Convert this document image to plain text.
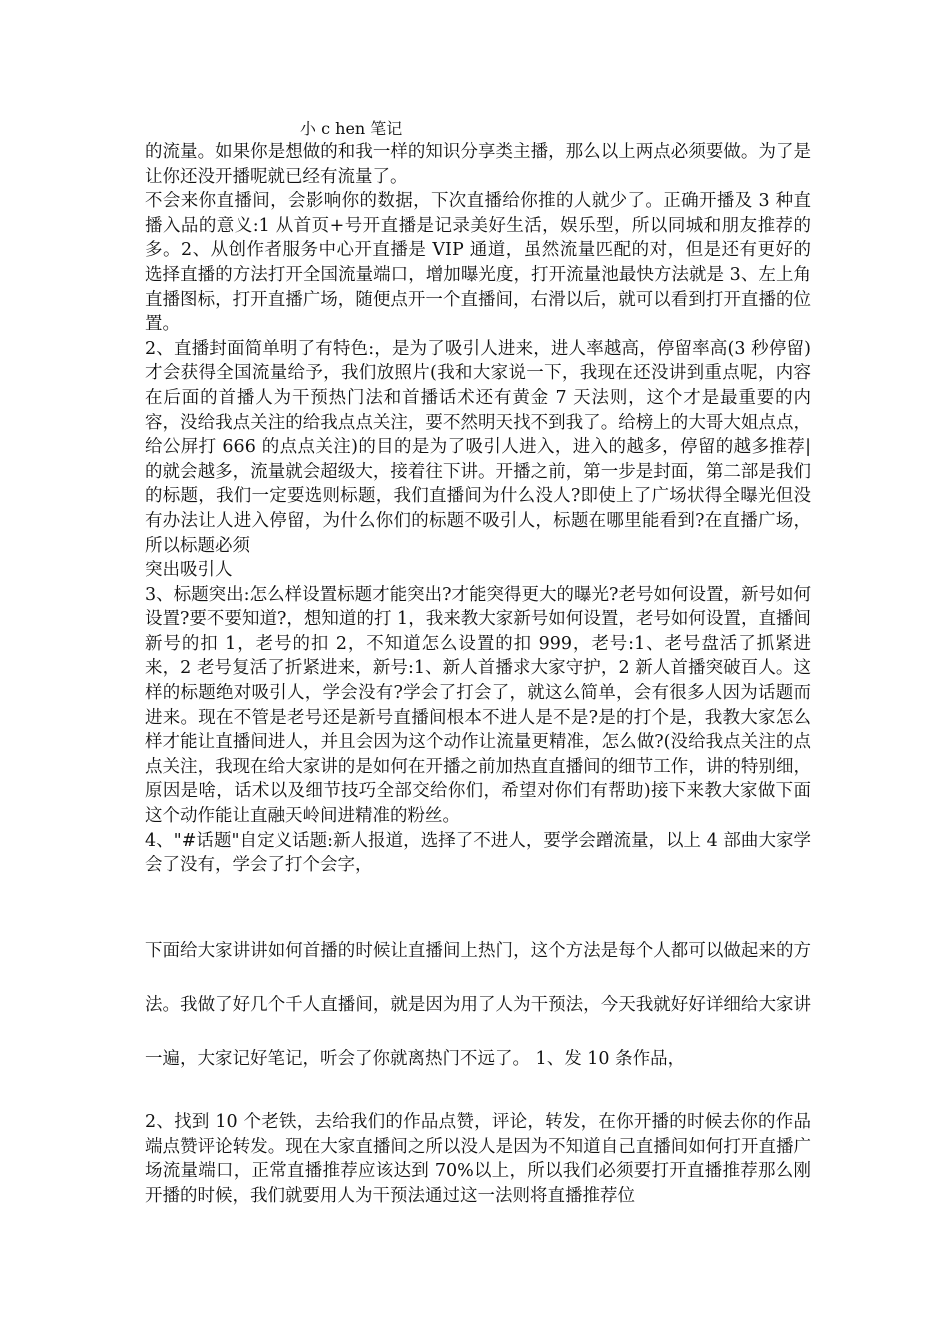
小 c hen 笔记
的流量。如果你是想做的和我一样的知识分享类主播，那么以上两点必须要做。为了是让你还没开播呢就已经有流量了。
不会来你直播间，会影响你的数据，下次直播给你推的人就少了。正确开播及 3 种直播入品的意义:1 从首页+号开直播是记录美好生活，娱乐型，所以同城和朋友推荐的多。2、从创作者服务中心开直播是 VIP 通道，虽然流量匹配的对，但是还有更好的选择直播的方法打开全国流量端口，增加曝光度，打开流量池最快方法就是 3、左上角直播图标，打开直播广场，随便点开一个直播间，右滑以后，就可以看到打开直播的位置。
2、直播封面简单明了有特色:，是为了吸引人进来，进人率越高，停留率高(3 秒停留)才会获得全国流量给予，我们放照片(我和大家说一下，我现在还没讲到重点呢，内容在后面的首播人为干预热门法和首播话术还有黄金 7 天法则，这个才是最重要的内容，没给我点关注的给我点点关注，要不然明天找不到我了。给榜上的大哥大姐点点，给公屏打 666 的点点关注)的目的是为了吸引人进入，进入的越多，停留的越多推荐|的就会越多，流量就会超级大，接着往下讲。开播之前，第一步是封面，第二部是我们的标题，我们一定要选则标题，我们直播间为什么没人?即使上了广场状得全曝光但没有办法让人进入停留，为什么你们的标题不吸引人，标题在哪里能看到?在直播广场，所以标题必须
突出吸引人
3、标题突出:怎么样设置标题才能突出?才能突得更大的曝光?老号如何设置，新号如何设置?要不要知道?，想知道的打 1，我来教大家新号如何设置，老号如何设置，直播间新号的扣 1，老号的扣 2，不知道怎么设置的扣 999，老号:1、老号盘活了抓紧进来，2 老号复活了折紧进来，新号:1、新人首播求大家守护，2 新人首播突破百人。这样的标题绝对吸引人，学会没有?学会了打会了，就这么简单，会有很多人因为话题而进来。现在不管是老号还是新号直播间根本不进人是不是?是的打个是，我教大家怎么样才能让直播间进人，并且会因为这个动作让流量更精准，怎么做?(没给我点关注的点点关注，我现在给大家讲的是如何在开播之前加热直直播间的细节工作，讲的特别细，原因是啥，话术以及细节技巧全部交给你们，希望对你们有帮助)接下来教大家做下面这个动作能让直融天岭间进精准的粉丝。
4、"#话题"自定义话题:新人报道，选择了不进人，要学会蹭流量，以上 4 部曲大家学会了没有，学会了打个会字，
下面给大家讲讲如何首播的时候让直播间上热门，这个方法是每个人都可以做起来的方法。我做了好几个千人直播间，就是因为用了人为干预法，今天我就好好详细给大家讲一遍，大家记好笔记，听会了你就离热门不远了。 1、发 10 条作品，
2、找到 10 个老铁，去给我们的作品点赞，评论，转发，在你开播的时候去你的作品端点赞评论转发。现在大家直播间之所以没人是因为不知道自己直播间如何打开直播广场流量端口，正常直播推荐应该达到 70%以上，所以我们必须要打开直播推荐那么刚开播的时候，我们就要用人为干预法通过这一法则将直播推荐位
